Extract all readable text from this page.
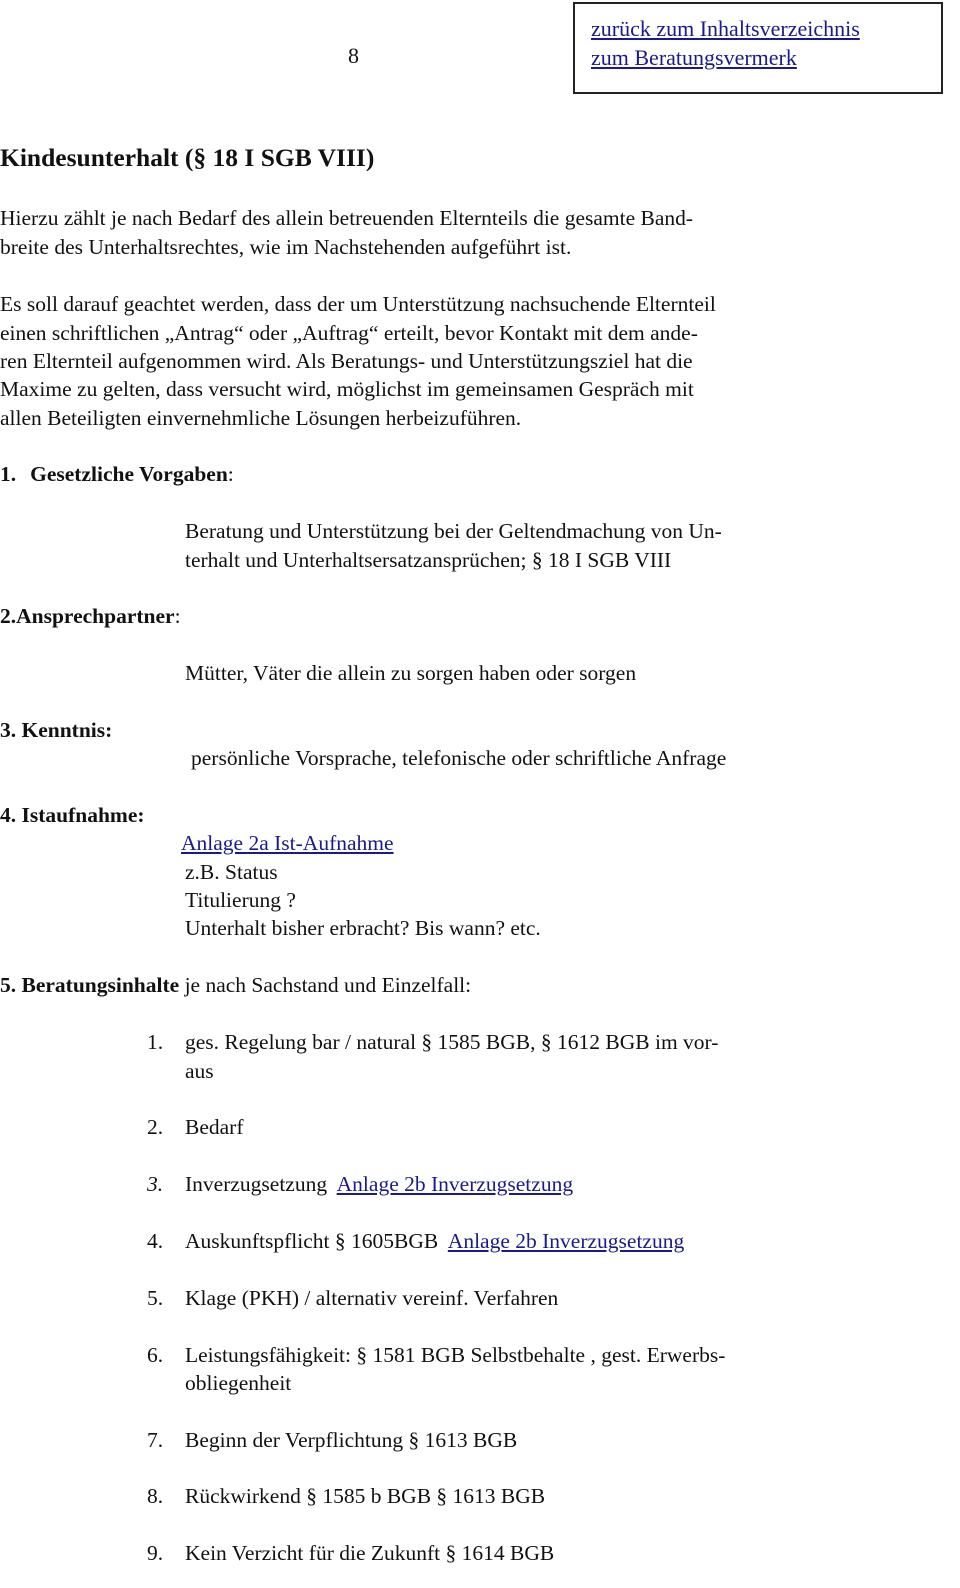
8
zurück zum Inhaltsverzeichnis
zum Beratungsvermerk
Kindesunterhalt (§ 18 I SGB VIII)
Hierzu zählt je nach Bedarf des allein betreuenden Elternteils die gesamte Band-
breite des Unterhaltsrechtes, wie im Nachstehenden aufgeführt ist.
Es soll darauf geachtet werden, dass der um Unterstützung nachsuchende Elternteil
einen schriftlichen „Antrag“ oder „Auftrag“ erteilt, bevor Kontakt mit dem ande-
ren Elternteil aufgenommen wird. Als Beratungs- und Unterstützungsziel hat die
Maxime zu gelten, dass versucht wird, möglichst im gemeinsamen Gespräch mit
allen Beteiligten einvernehmliche Lösungen herbeizuführen.
1. Gesetzliche Vorgaben:
Beratung und Unterstützung bei der Geltendmachung von Un-
terhalt und Unterhaltsersatzansprüchen; § 18 I SGB VIII
2.Ansprechpartner:
Mütter, Väter die allein zu sorgen haben oder sorgen
3. Kenntnis:
persönliche Vorsprache, telefonische oder schriftliche Anfrage
4. Istaufnahme:
Anlage 2a Ist-Aufnahme
z.B. Status
Titulierung ?
Unterhalt bisher erbracht? Bis wann? etc.
5. Beratungsinhalte je nach Sachstand und Einzelfall:
1.	ges. Regelung bar / natural § 1585 BGB, § 1612 BGB im vor-
aus
2.	Bedarf
3.	Inverzugsetzung  Anlage 2b Inverzugsetzung
4.	Auskunftspflicht § 1605BGB  Anlage 2b Inverzugsetzung
5.	Klage (PKH) / alternativ vereinf. Verfahren
6.	Leistungsfähigkeit: § 1581 BGB Selbstbehalte , gest. Erwerbs-
obliegenheit
7.	Beginn der Verpflichtung § 1613 BGB
8.	Rückwirkend § 1585 b BGB § 1613 BGB
9.	Kein Verzicht für die Zukunft § 1614 BGB
